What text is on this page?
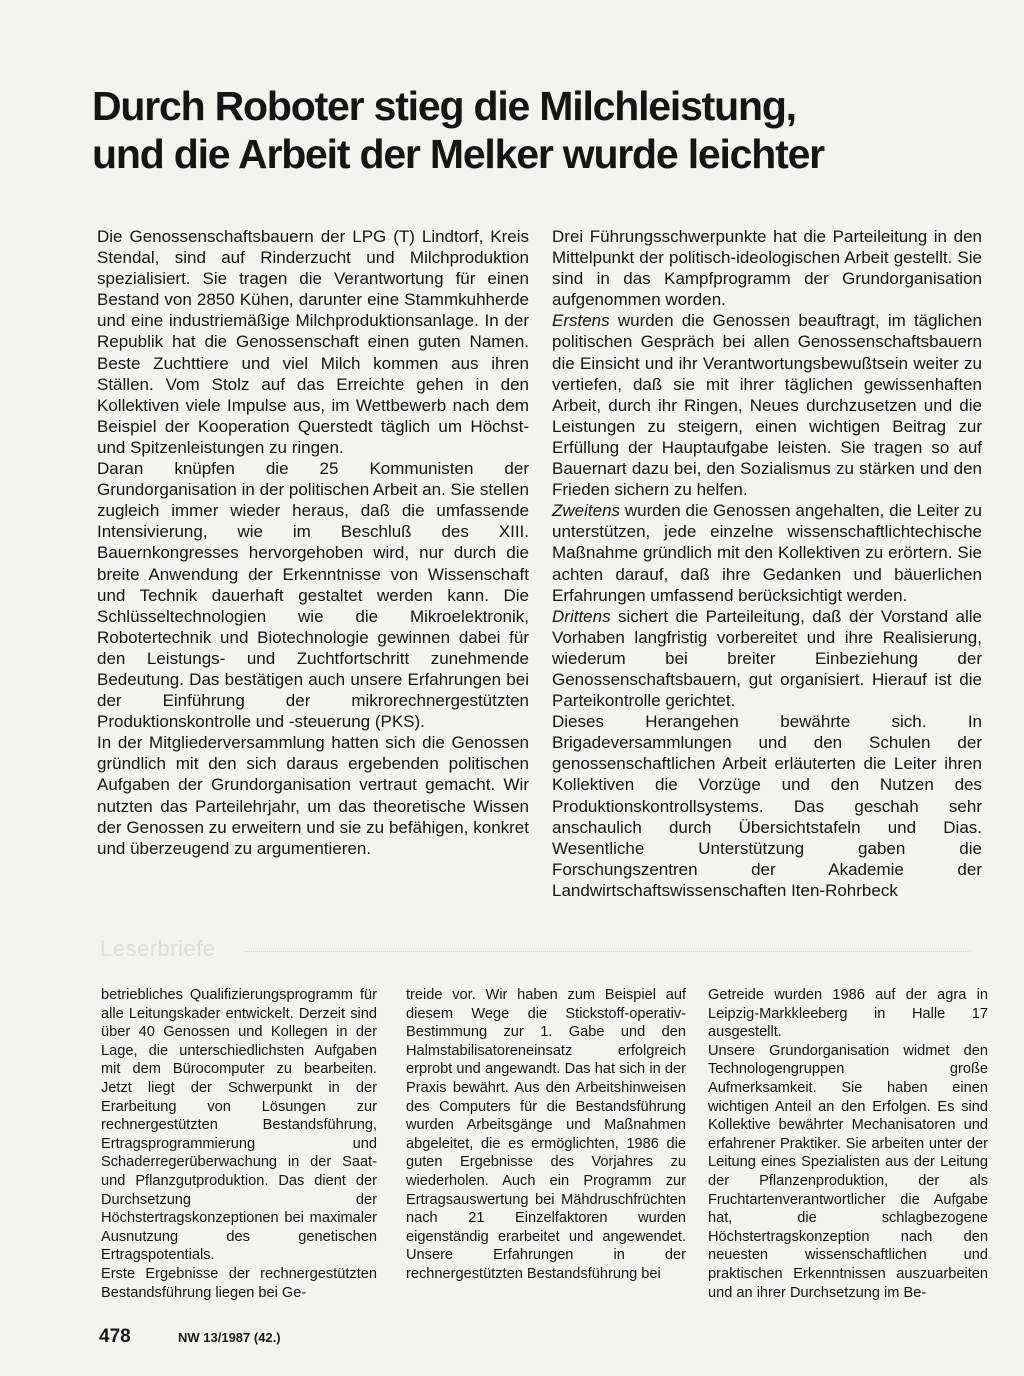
Durch Roboter stieg die Milchleistung,
und die Arbeit der Melker wurde leichter

Die Genossenschaftsbauern der LPG (T) Lindtorf, Kreis Stendal, sind auf Rinderzucht und Milchproduktion spezialisiert. Sie tragen die Verantwortung für einen Bestand von 2850 Kühen, darunter eine Stammkuhherde und eine industriemäßige Milchproduktionsanlage. In der Republik hat die Genossenschaft einen guten Namen. Beste Zuchttiere und viel Milch kommen aus ihren Ställen. Vom Stolz auf das Erreichte gehen in den Kollektiven viele Impulse aus, im Wettbewerb nach dem Beispiel der Kooperation Querstedt täglich um Höchst- und Spitzenleistungen zu ringen.

Daran knüpfen die 25 Kommunisten der Grundorganisation in der politischen Arbeit an. Sie stellen zugleich immer wieder heraus, daß die umfassende Intensivierung, wie im Beschluß des XIII. Bauernkongresses hervorgehoben wird, nur durch die breite Anwendung der Erkenntnisse von Wissenschaft und Technik dauerhaft gestaltet werden kann. Die Schlüsseltechnologien wie die Mikroelektronik, Robotertechnik und Biotechnologie gewinnen dabei für den Leistungs- und Zuchtfortschritt zunehmende Bedeutung. Das bestätigen auch unsere Erfahrungen bei der Einführung der mikrorechnergestützten Produktionskontrolle und -steuerung (PKS).

In der Mitgliederversammlung hatten sich die Genossen gründlich mit den sich daraus ergebenden politischen Aufgaben der Grundorganisation vertraut gemacht. Wir nutzten das Parteilehrjahr, um das theoretische Wissen der Genossen zu erweitern und sie zu befähigen, konkret und überzeugend zu argumentieren.

Drei Führungsschwerpunkte hat die Parteileitung in den Mittelpunkt der politisch-ideologischen Arbeit gestellt. Sie sind in das Kampfprogramm der Grundorganisation aufgenommen worden.

Erstens wurden die Genossen beauftragt, im täglichen politischen Gespräch bei allen Genossenschaftsbauern die Einsicht und ihr Verantwortungsbewußtsein weiter zu vertiefen, daß sie mit ihrer täglichen gewissenhaften Arbeit, durch ihr Ringen, Neues durchzusetzen und die Leistungen zu steigern, einen wichtigen Beitrag zur Erfüllung der Hauptaufgabe leisten. Sie tragen so auf Bauernart dazu bei, den Sozialismus zu stärken und den Frieden sichern zu helfen.

Zweitens wurden die Genossen angehalten, die Leiter zu unterstützen, jede einzelne wissenschaftlichtechische Maßnahme gründlich mit den Kollektiven zu erörtern. Sie achten darauf, daß ihre Gedanken und bäuerlichen Erfahrungen umfassend berücksichtigt werden.

Drittens sichert die Parteileitung, daß der Vorstand alle Vorhaben langfristig vorbereitet und ihre Realisierung, wiederum bei breiter Einbeziehung der Genossenschaftsbauern, gut organisiert. Hierauf ist die Parteikontrolle gerichtet.

Dieses Herangehen bewährte sich. In Brigadeversammlungen und den Schulen der genossenschaftlichen Arbeit erläuterten die Leiter ihren Kollektiven die Vorzüge und den Nutzen des Produktionskontrollsystems. Das geschah sehr anschaulich durch Übersichtstafeln und Dias. Wesentliche Unterstützung gaben die Forschungszentren der Akademie der Landwirtschaftswissenschaften Iten-Rohrbeck

Leserbriefe

betriebliches Qualifizierungsprogramm für alle Leitungskader entwickelt. Derzeit sind über 40 Genossen und Kollegen in der Lage, die unterschiedlichsten Aufgaben mit dem Bürocomputer zu bearbeiten. Jetzt liegt der Schwerpunkt in der Erarbeitung von Lösungen zur rechnergestützten Bestandsführung, Ertragsprogrammierung und Schaderregerüberwachung in der Saat- und Pflanzgutproduktion. Das dient der Durchsetzung der Höchstertragskonzeptionen bei maximaler Ausnutzung des genetischen Ertragspotentials.

Erste Ergebnisse der rechnergestützten Bestandsführung liegen bei Ge-

treide vor. Wir haben zum Beispiel auf diesem Wege die Stickstoff-operativ-Bestimmung zur 1. Gabe und den Halmstabilisatoreneinsatz erfolgreich erprobt und angewandt. Das hat sich in der Praxis bewährt. Aus den Arbeitshinweisen des Computers für die Bestandsführung wurden Arbeitsgänge und Maßnahmen abgeleitet, die es ermöglichten, 1986 die guten Ergebnisse des Vorjahres zu wiederholen. Auch ein Programm zur Ertragsauswertung bei Mähdruschfrüchten nach 21 Einzelfaktoren wurden eigenständig erarbeitet und angewendet. Unsere Erfahrungen in der rechnergestützten Bestandsführung bei

Getreide wurden 1986 auf der agra in Leipzig-Markkleeberg in Halle 17 ausgestellt.

Unsere Grundorganisation widmet den Technologengruppen große Aufmerksamkeit. Sie haben einen wichtigen Anteil an den Erfolgen. Es sind Kollektive bewährter Mechanisatoren und erfahrener Praktiker. Sie arbeiten unter der Leitung eines Spezialisten aus der Leitung der Pflanzenproduktion, der als Fruchtartenverantwortlicher die Aufgabe hat, die schlagbezogene Höchstertragskonzeption nach den neuesten wissenschaftlichen und praktischen Erkenntnissen auszuarbeiten und an ihrer Durchsetzung im Be-

478	NW 13/1987 (42.)
